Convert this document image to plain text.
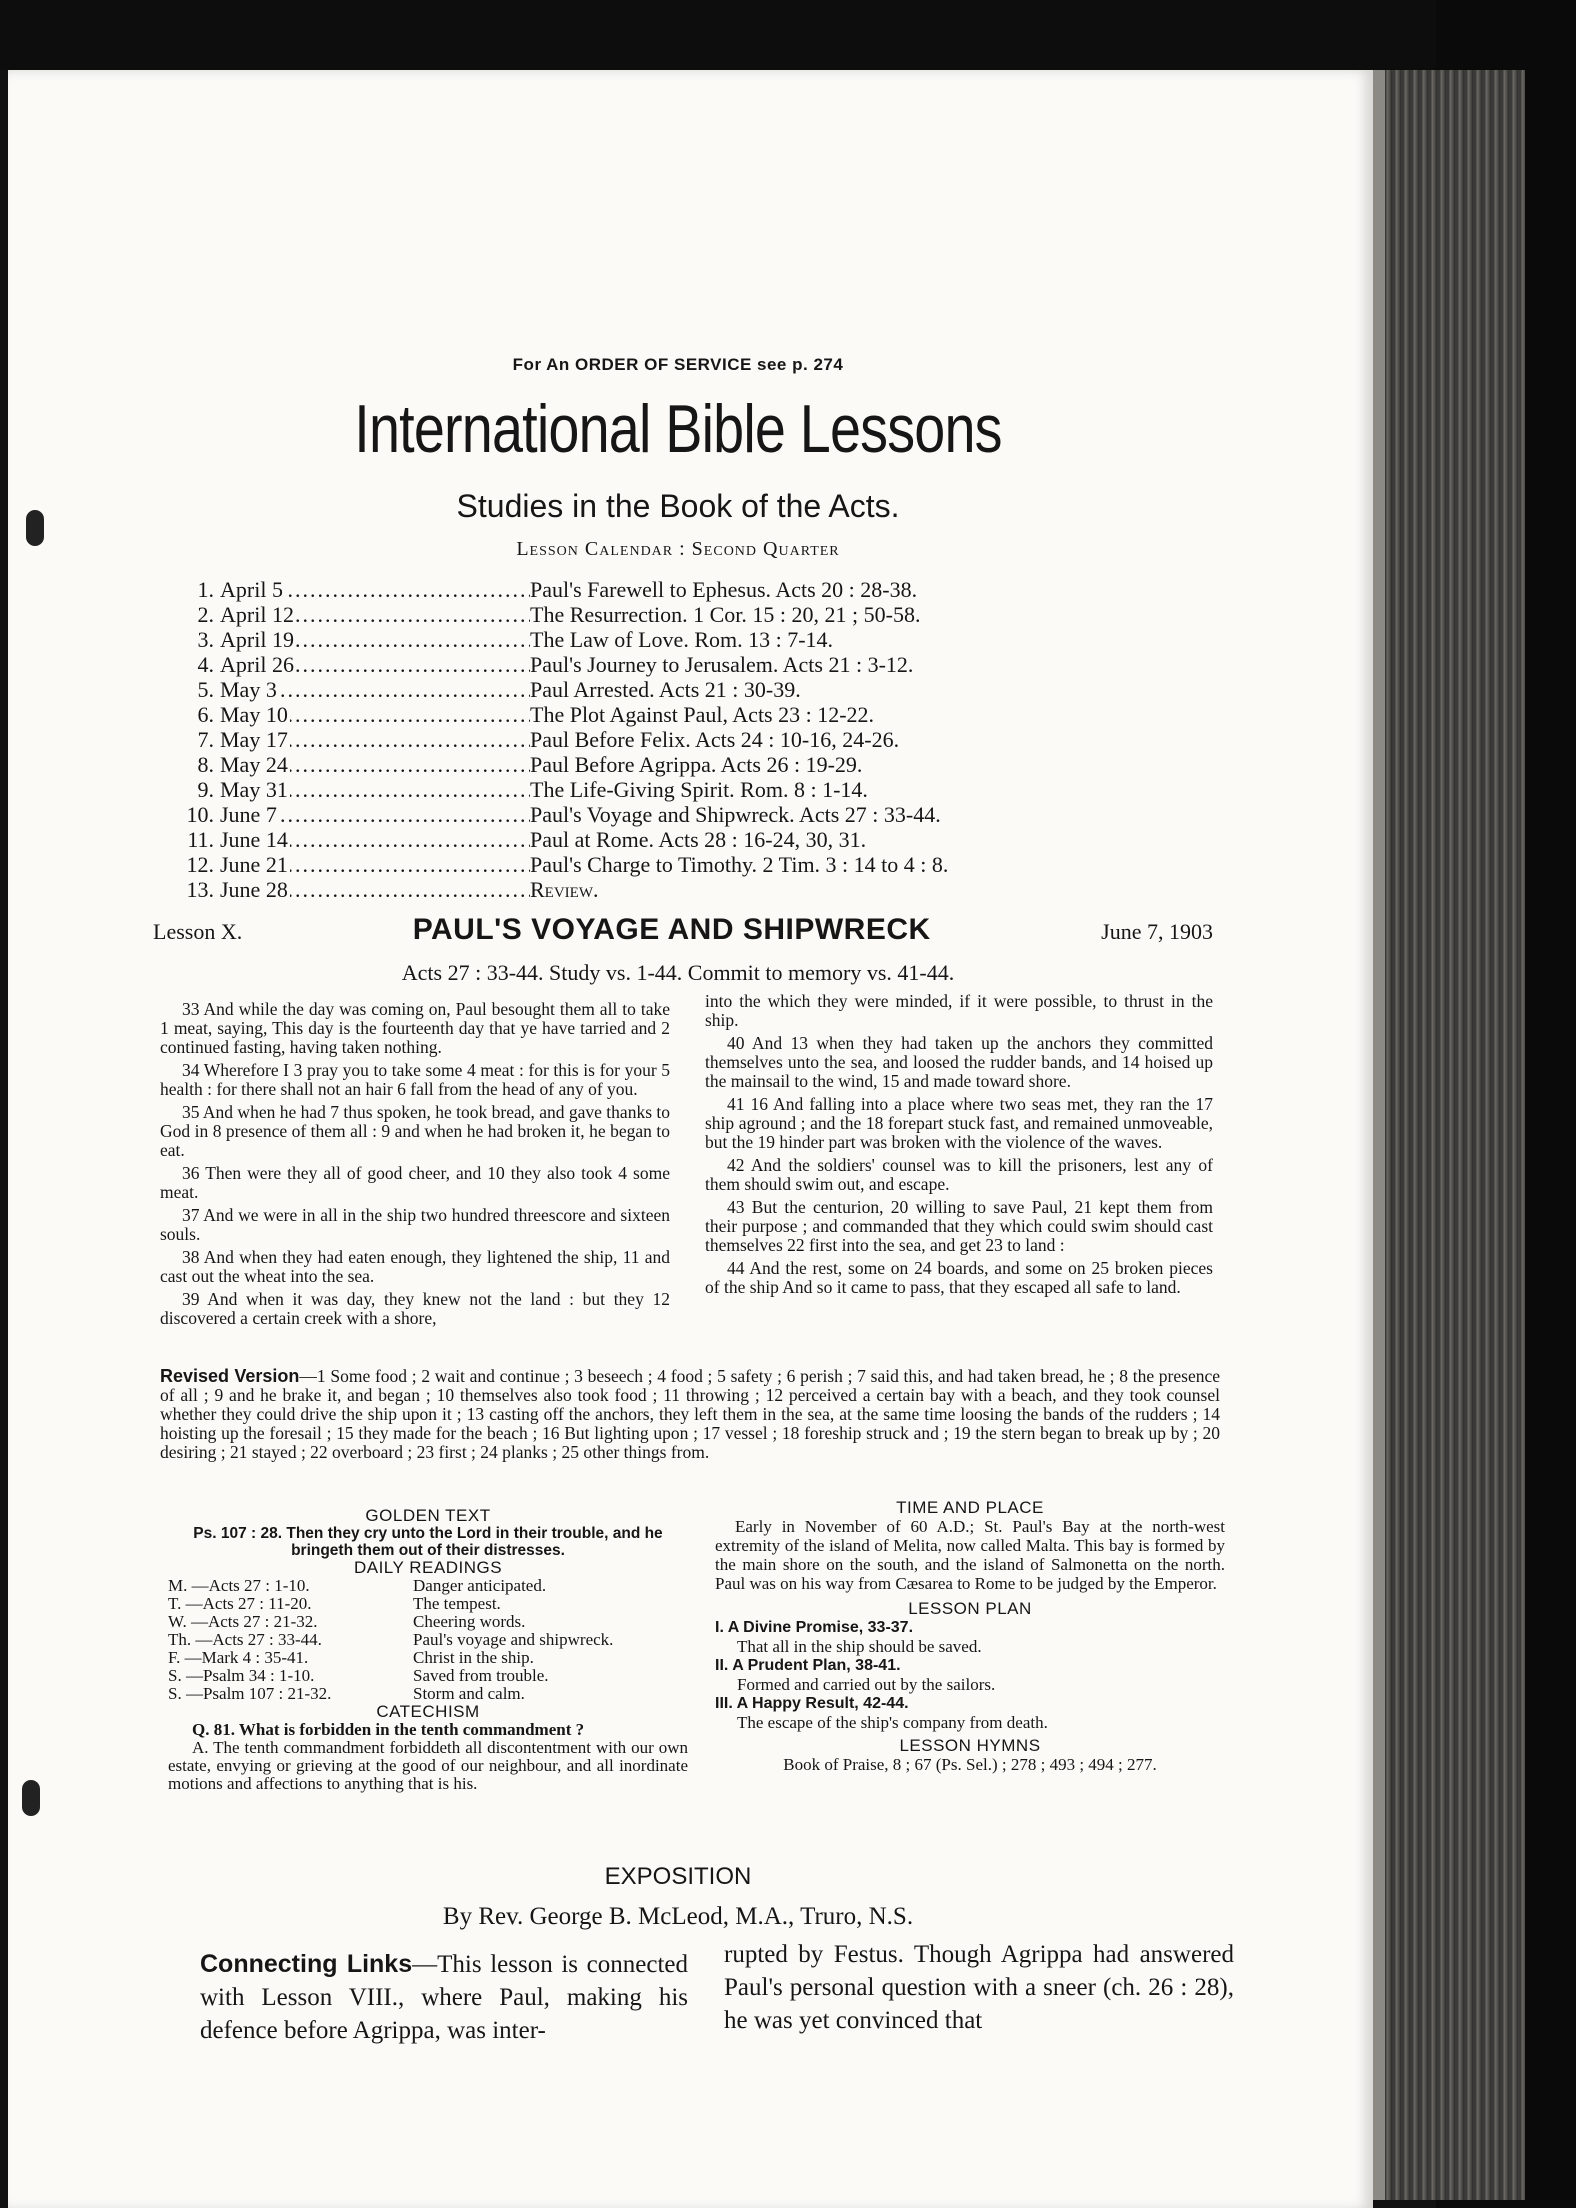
For An ORDER OF SERVICE see p. 274
International Bible Lessons
Studies in the Book of the Acts.
Lesson Calendar : Second Quarter
1. April 5 .....	Paul's Farewell to Ephesus. Acts 20 : 28-38.
2. April 12 .....	The Resurrection. 1 Cor. 15 : 20, 21 ; 50-58.
3. April 19 .....	The Law of Love. Rom. 13 : 7-14.
4. April 26 .....	Paul's Journey to Jerusalem. Acts 21 : 3-12.
5. May 3 .....	Paul Arrested. Acts 21 : 30-39.
6. May 10 .....	The Plot Against Paul, Acts 23 : 12-22.
7. May 17 .....	Paul Before Felix. Acts 24 : 10-16, 24-26.
8. May 24 .....	Paul Before Agrippa. Acts 26 : 19-29.
9. May 31 .....	The Life-Giving Spirit. Rom. 8 : 1-14.
10. June 7 .....	Paul's Voyage and Shipwreck. Acts 27 : 33-44.
11. June 14 .....	Paul at Rome. Acts 28 : 16-24, 30, 31.
12. June 21 .....	Paul's Charge to Timothy. 2 Tim. 3 : 14 to 4 : 8.
13. June 28 .....	Review.
Lesson X.	PAUL'S VOYAGE AND SHIPWRECK	June 7, 1903
Acts 27 : 33-44. Study vs. 1-44. Commit to memory vs. 41-44.

33 And while the day was coming on, Paul besought them all to take 1 meat, saying, This day is the fourteenth day that ye have tarried and 2 continued fasting, having taken nothing.

34 Wherefore I 3 pray you to take some 4 meat : for this is for your 5 health : for there shall not an hair 6 fall from the head of any of you.

35 And when he had 7 thus spoken, he took bread, and gave thanks to God in 8 presence of them all : 9 and when he had broken it, he began to eat.

36 Then were they all of good cheer, and 10 they also took 4 some meat.

37 And we were in all in the ship two hundred threescore and sixteen souls.

38 And when they had eaten enough, they lightened the ship, 11 and cast out the wheat into the sea.

39 And when it was day, they knew not the land : but they 12 discovered a certain creek with a shore,

into the which they were minded, if it were possible, to thrust in the ship.

40 And 13 when they had taken up the anchors they committed themselves unto the sea, and loosed the rudder bands, and 14 hoised up the mainsail to the wind, 15 and made toward shore.

41 16 And falling into a place where two seas met, they ran the 17 ship aground ; and the 18 forepart stuck fast, and remained unmoveable, but the 19 hinder part was broken with the violence of the waves.

42 And the soldiers' counsel was to kill the prisoners, lest any of them should swim out, and escape.

43 But the centurion, 20 willing to save Paul, 21 kept them from their purpose ; and commanded that they which could swim should cast themselves 22 first into the sea, and get 23 to land :

44 And the rest, some on 24 boards, and some on 25 broken pieces of the ship And so it came to pass, that they escaped all safe to land.

Revised Version—1 Some food ; 2 wait and continue ; 3 beseech ; 4 food ; 5 safety ; 6 perish ; 7 said this, and had taken bread, he ; 8 the presence of all ; 9 and he brake it, and began ; 10 themselves also took food ; 11 throwing ; 12 perceived a certain bay with a beach, and they took counsel whether they could drive the ship upon it ; 13 casting off the anchors, they left them in the sea, at the same time loosing the bands of the rudders ; 14 hoisting up the foresail ; 15 they made for the beach ; 16 But lighting upon ; 17 vessel ; 18 foreship struck and ; 19 the stern began to break up by ; 20 desiring ; 21 stayed ; 22 overboard ; 23 first ; 24 planks ; 25 other things from.
GOLDEN TEXT
Ps. 107 : 28. Then they cry unto the Lord in their trouble, and he bringeth them out of their distresses.
DAILY READINGS
M. —Acts 27 : 1-10.	Danger anticipated.
T. —Acts 27 : 11-20.	The tempest.
W. —Acts 27 : 21-32.	Cheering words.
Th. —Acts 27 : 33-44.	Paul's voyage and shipwreck.
F. —Mark 4 : 35-41.	Christ in the ship.
S. —Psalm 34 : 1-10.	Saved from trouble.
S. —Psalm 107 : 21-32.	Storm and calm.
CATECHISM
Q. 81. What is forbidden in the tenth commandment ?
A. The tenth commandment forbiddeth all discontentment with our own estate, envying or grieving at the good of our neighbour, and all inordinate motions and affections to anything that is his.
TIME AND PLACE
Early in November of 60 A.D.; St. Paul's Bay at the north-west extremity of the island of Melita, now called Malta. This bay is formed by the main shore on the south, and the island of Salmonetta on the north. Paul was on his way from Cæsarea to Rome to be judged by the Emperor.
LESSON PLAN
I. A Divine Promise, 33-37.
That all in the ship should be saved.
II. A Prudent Plan, 38-41.
Formed and carried out by the sailors.
III. A Happy Result, 42-44.
The escape of the ship's company from death.
LESSON HYMNS
Book of Praise, 8 ; 67 (Ps. Sel.) ; 278 ; 493 ; 494 ; 277.
EXPOSITION
By Rev. George B. McLeod, M.A., Truro, N.S.
Connecting Links—This lesson is connected with Lesson VIII., where Paul, making his defence before Agrippa, was inter-
rupted by Festus. Though Agrippa had answered Paul's personal question with a sneer (ch. 26 : 28), he was yet convinced that
